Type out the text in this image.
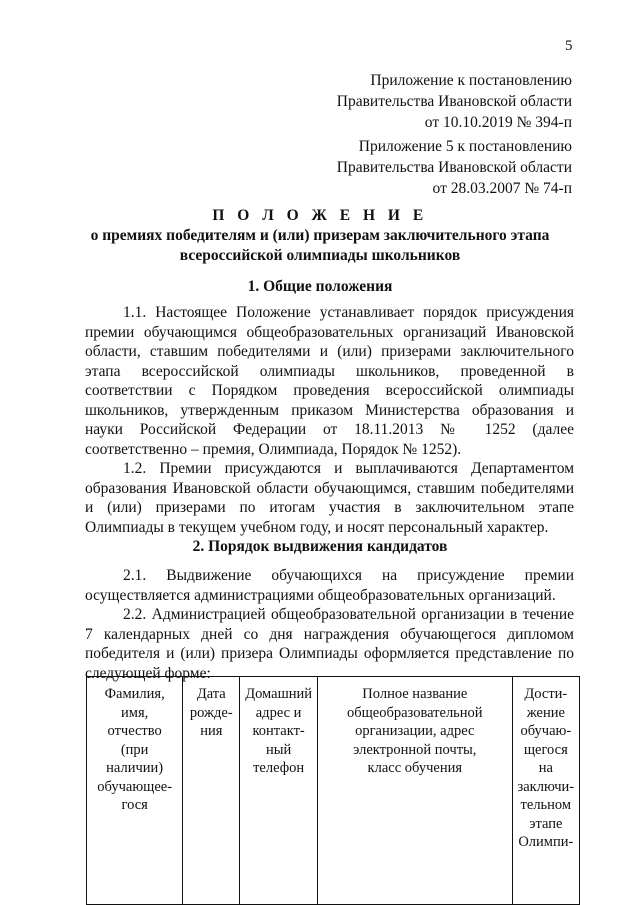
5
Приложение к постановлению
Правительства Ивановской области
от 10.10.2019 № 394-п
Приложение 5 к постановлению
Правительства Ивановской области
от 28.03.2007 № 74-п
П О Л О Ж Е Н И Е
о премиях победителям и (или) призерам заключительного этапа
всероссийской олимпиады школьников
1. Общие положения

1.1. Настоящее Положение устанавливает порядок присуждения премии обучающимся общеобразовательных организаций Ивановской области, ставшим победителями и (или) призерами заключительного этапа всероссийской олимпиады школьников, проведенной в соответствии с Порядком проведения всероссийской олимпиады школьников, утвержденным приказом Министерства образования и науки Российской Федерации от 18.11.2013 № 1252 (далее соответственно – премия, Олимпиада, Порядок № 1252).

1.2. Премии присуждаются и выплачиваются Департаментом образования Ивановской области обучающимся, ставшим победителями и (или) призерами по итогам участия в заключительном этапе Олимпиады в текущем учебном году, и носят персональный характер.

2. Порядок выдвижения кандидатов

2.1. Выдвижение обучающихся на присуждение премии осуществляется администрациями общеобразовательных организаций.

2.2. Администрацией общеобразовательной организации в течение 7 календарных дней со дня награждения обучающегося дипломом победителя и (или) призера Олимпиады оформляется представление по следующей форме:

Фамилия,
имя,
отчество
(при
наличии)
обучающее-
гося	Дата
рожде-
ния	Домашний
адрес и
контакт-
ный
телефон	Полное название
общеобразовательной
организации, адрес
электронной почты,
класс обучения	Дости-
жение
обучаю-
щегося
на
заключи-
тельном
этапе
Олимпи-
